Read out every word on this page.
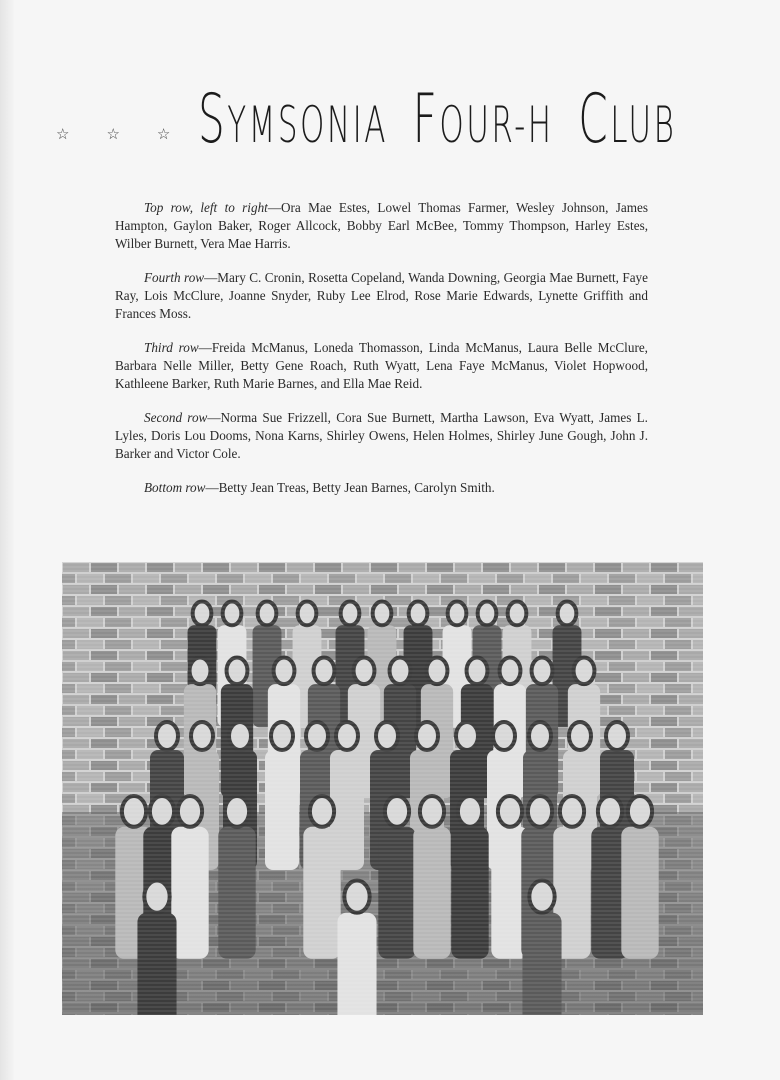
☆ ☆ ☆ SYMSONIA FOUR-H CLUB

Top row, left to right—Ora Mae Estes, Lowel Thomas Farmer, Wesley Johnson, James Hampton, Gaylon Baker, Roger Allcock, Bobby Earl McBee, Tommy Thompson, Harley Estes, Wilber Burnett, Vera Mae Harris.

Fourth row—Mary C. Cronin, Rosetta Copeland, Wanda Downing, Georgia Mae Burnett, Faye Ray, Lois McClure, Joanne Snyder, Ruby Lee Elrod, Rose Marie Edwards, Lynette Griffith and Frances Moss.

Third row—Freida McManus, Loneda Thomasson, Linda McManus, Laura Belle McClure, Barbara Nelle Miller, Betty Gene Roach, Ruth Wyatt, Lena Faye McManus, Violet Hopwood, Kathleene Barker, Ruth Marie Barnes, and Ella Mae Reid.

Second row—Norma Sue Frizzell, Cora Sue Burnett, Martha Lawson, Eva Wyatt, James L. Lyles, Doris Lou Dooms, Nona Karns, Shirley Owens, Helen Holmes, Shirley June Gough, John J. Barker and Victor Cole.

Bottom row—Betty Jean Treas, Betty Jean Barnes, Carolyn Smith.
